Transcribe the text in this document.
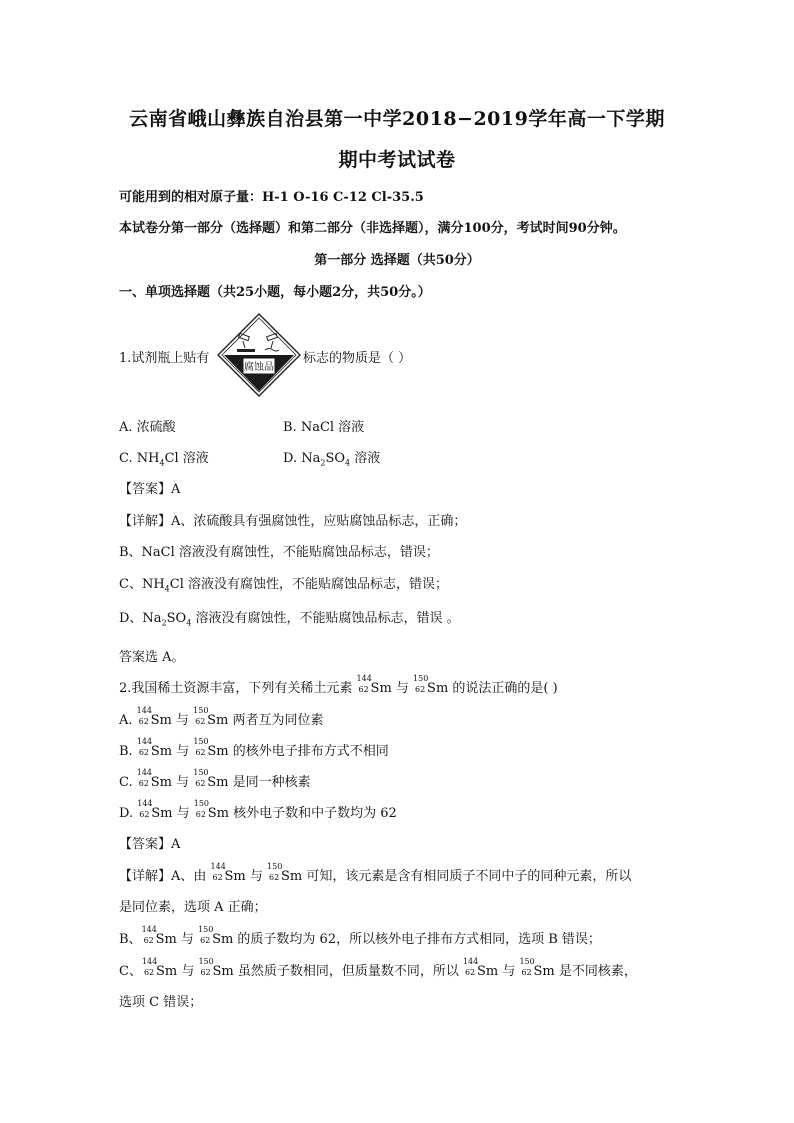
云南省峨山彝族自治县第一中学2018−2019学年高一下学期
期中考试试卷
可能用到的相对原子量：H-1 O-16 C-12 Cl-35.5
本试卷分第一部分（选择题）和第二部分（非选择题），满分100分，考试时间90分钟。
第一部分 选择题（共50分）
一、单项选择题（共25小题，每小题2分，共50分。）
1.试剂瓶上贴有
腐蚀品
标志的物质是（ ）
A. 浓硫酸	B. NaCl 溶液
C. $NH_4Cl$ 溶液	D. $Na_2SO_4$ 溶液
【答案】A
【详解】A、浓硫酸具有强腐蚀性，应贴腐蚀品标志，正确；
B、NaCl 溶液没有腐蚀性，不能贴腐蚀品标志，错误；
C、$NH_4Cl$ 溶液没有腐蚀性，不能贴腐蚀品标志，错误；
D、$Na_2SO_4$ 溶液没有腐蚀性，不能贴腐蚀品标志，错误 。
答案选 A。
2.我国稀土资源丰富，下列有关稀土元素
144
62 Sm 与
150
62 Sm 的说法正确的是( )
A.
144
62 Sm 与
150
62 Sm 两者互为同位素
B.
144
62 Sm 与
150
62 Sm 的核外电子排布方式不相同
C.
144
62 Sm 与
150
62 Sm 是同一种核素
D.
144
62 Sm 与
150
62 Sm 核外电子数和中子数均为 62
【答案】A
【详解】A、由
144
62 Sm 与
150
62 Sm 可知，该元素是含有相同质子不同中子的同种元素，所以
是同位素，选项 A 正确；
B、
144
62 Sm 与
150
62 Sm 的质子数均为 62，所以核外电子排布方式相同，选项 B 错误；
C、
144
62 Sm 与
150
62 Sm 虽然质子数相同，但质量数不同，所以
144
62 Sm 与
150
62 Sm 是不同核素，
选项 C 错误；
